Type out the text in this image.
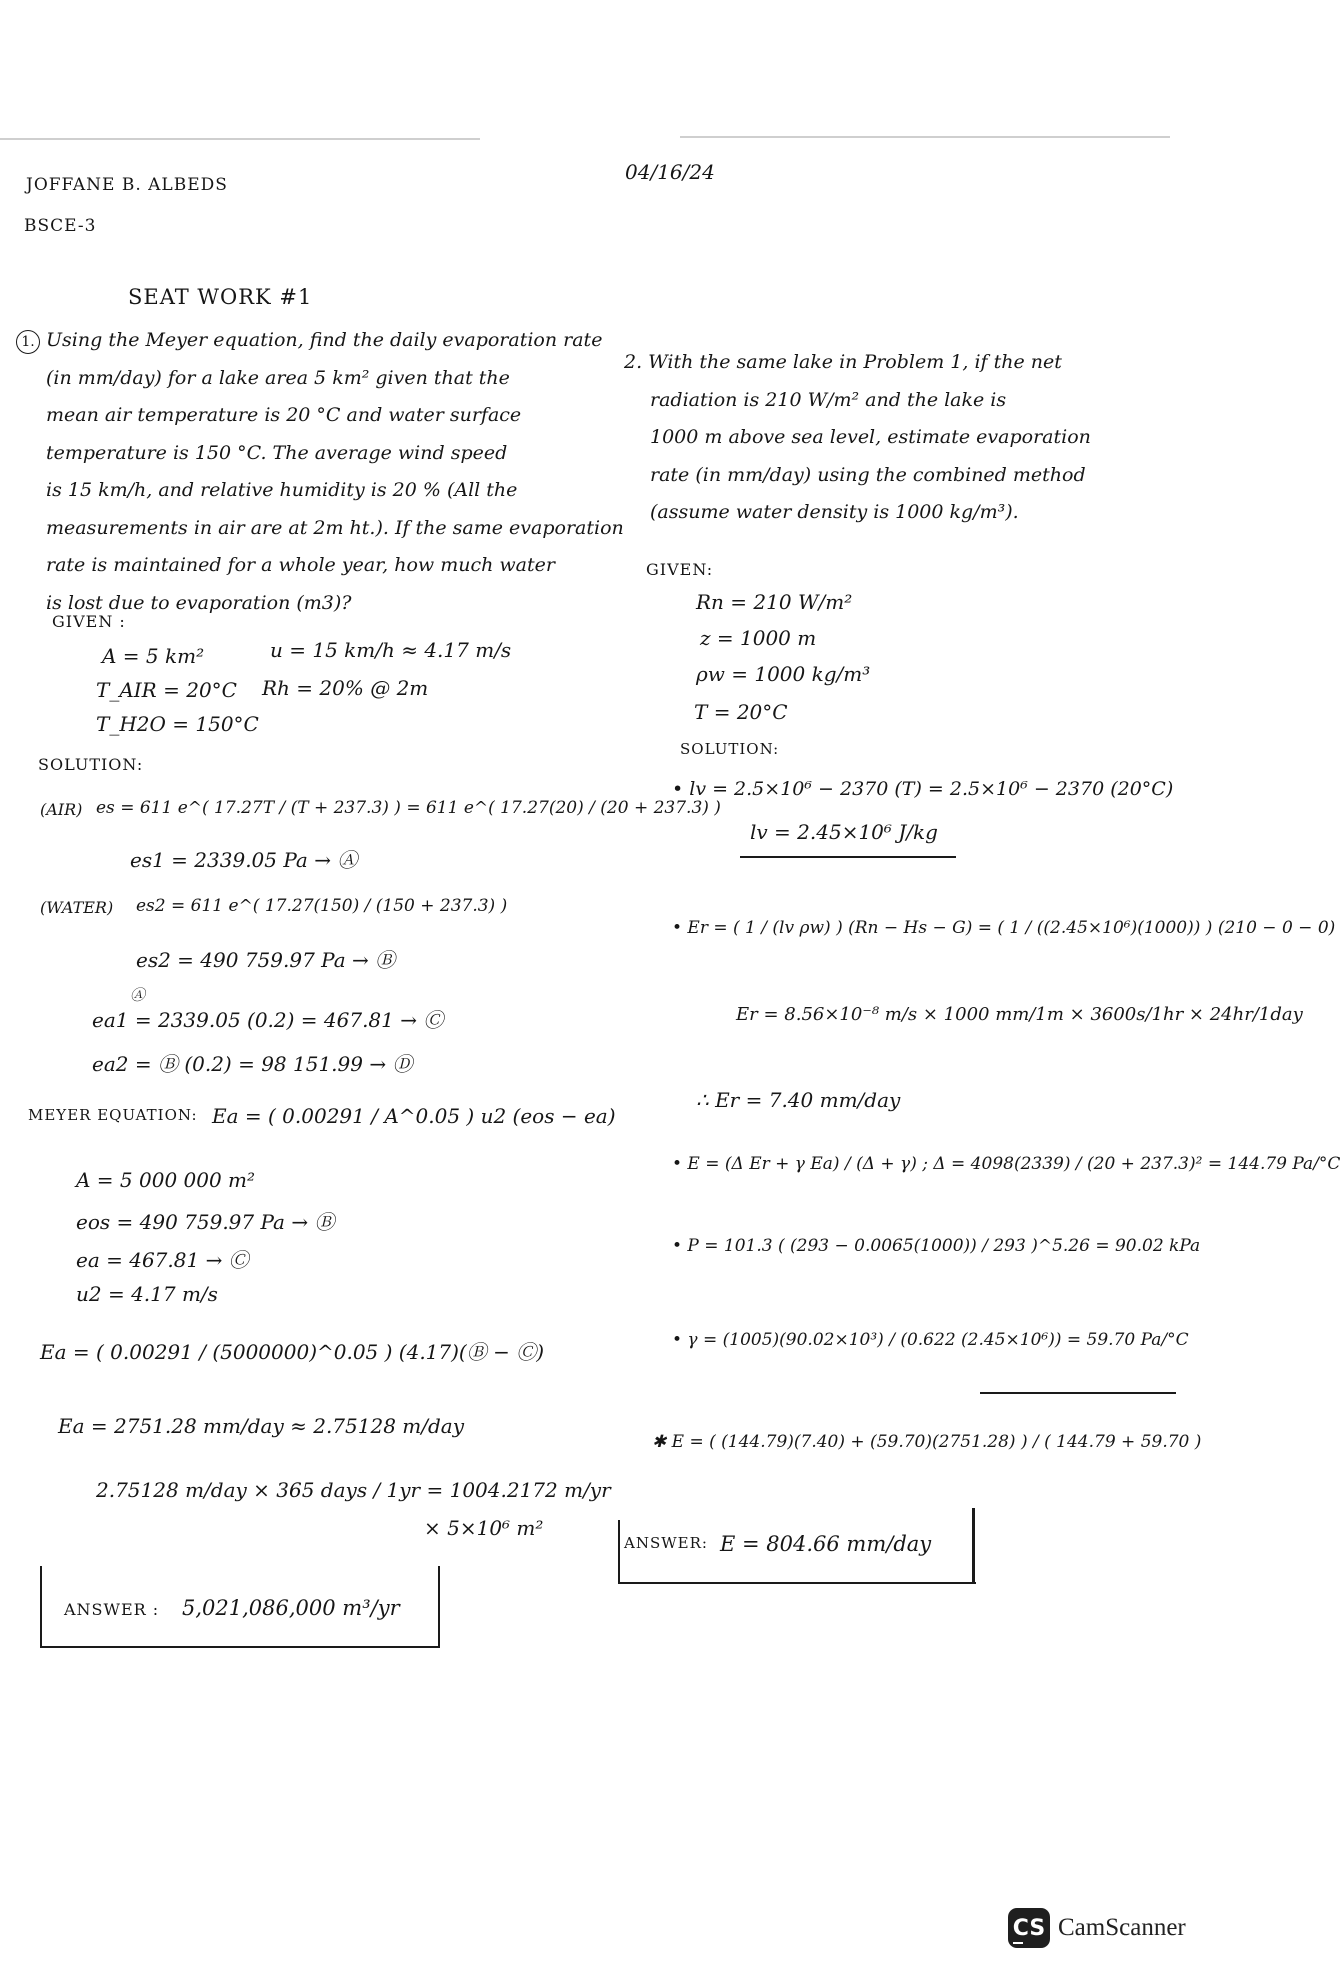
JOFFANE B. ALBEDS
BSCE-3
04/16/24
SEAT WORK #1
1. Using the Meyer equation, find the daily evaporation rate
(in mm/day) for a lake area 5 km² given that the
mean air temperature is 20 °C and water surface
temperature is 150 °C. The average wind speed
is 15 km/h, and relative humidity is 20 % (All the
measurements in air are at 2m ht.). If the same evaporation
rate is maintained for a whole year, how much water
is lost due to evaporation (m3)?
GIVEN :
A = 5 km²
T_AIR = 20°C
T_H2O = 150°C
u = 15 km/h ≈ 4.17 m/s
Rh = 20% @ 2m
SOLUTION:
(AIR) es = 611 e^( 17.27T / (T + 237.3) ) = 611 e^( 17.27(20) / (20 + 237.3) )
es1 = 2339.05 Pa → Ⓐ
(WATER) es2 = 611 e^( 17.27(150) / (150 + 237.3) )
es2 = 490 759.97 Pa → Ⓑ
Ⓐ
ea1 = 2339.05 (0.2) = 467.81 → Ⓒ
ea2 = Ⓑ (0.2) = 98 151.99 → Ⓓ
MEYER EQUATION: Ea = ( 0.00291 / A^0.05 ) u2 (eos − ea)
A = 5 000 000 m²
eos = 490 759.97 Pa → Ⓑ
ea = 467.81 → Ⓒ
u2 = 4.17 m/s
Ea = ( 0.00291 / (5000000)^0.05 ) (4.17)(Ⓑ − Ⓒ)
Ea = 2751.28 mm/day ≈ 2.75128 m/day
2.75128 m/day × 365 days / 1yr = 1004.2172 m/yr
× 5×10⁶ m²
ANSWER : 5,021,086,000 m³/yr
2. With the same lake in Problem 1, if the net
radiation is 210 W/m² and the lake is
1000 m above sea level, estimate evaporation
rate (in mm/day) using the combined method
(assume water density is 1000 kg/m³).
GIVEN:
Rn = 210 W/m²
z = 1000 m
ρw = 1000 kg/m³
T = 20°C
SOLUTION:
• lv = 2.5×10⁶ − 2370 (T) = 2.5×10⁶ − 2370 (20°C)
lv = 2.45×10⁶ J/kg
• Er = ( 1 / (lv ρw) ) (Rn − Hs − G) = ( 1 / ((2.45×10⁶)(1000)) ) (210 − 0 − 0)
Er = 8.56×10⁻⁸ m/s × 1000 mm/1m × 3600s/1hr × 24hr/1day
∴ Er = 7.40 mm/day
• E = (Δ Er + γ Ea) / (Δ + γ) ; Δ = 4098(2339) / (20 + 237.3)² = 144.79 Pa/°C
• P = 101.3 ( (293 − 0.0065(1000)) / 293 )^5.26 = 90.02 kPa
• γ = (1005)(90.02×10³) / (0.622 (2.45×10⁶)) = 59.70 Pa/°C
✱ E = ( (144.79)(7.40) + (59.70)(2751.28) ) / ( 144.79 + 59.70 )
ANSWER: E = 804.66 mm/day
CS CamScanner
